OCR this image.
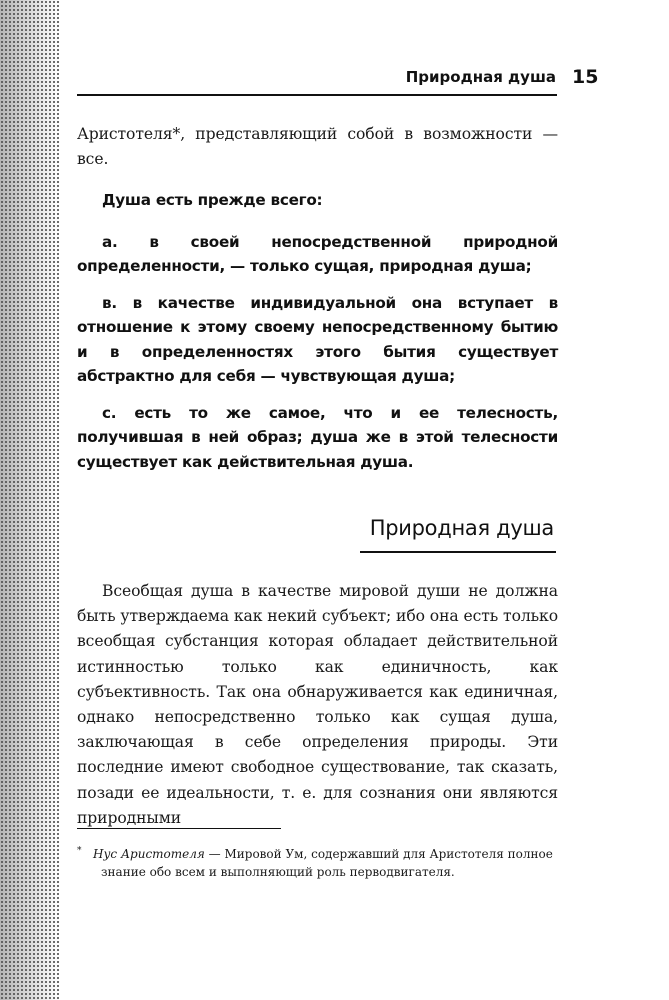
Природная душа 15

Аристотеля*, представляющий собой в возможности — все.

Душа есть прежде всего:

а. в своей непосредственной природной определенности, — только сущая, природная душа;

в. в качестве индивидуальной она вступает в отношение к этому своему непосредственному бытию и в определенностях этого бытия существует абстрактно для себя — чувствующая душа;

с. есть то же самое, что и ее телесность, получившая в ней образ; душа же в этой телесности существует как действительная душа.

Природная душа

Всеобщая душа в качестве мировой души не должна быть утверждаема как некий субъект; ибо она есть только всеобщая субстанция которая обладает действительной истинностью только как единичность, как субъективность. Так она обнаруживается как единичная, однако непосредственно только как сущая душа, заключающая в себе определения природы. Эти последние имеют свободное существование, так сказать, позади ее идеальности, т. е. для сознания они являются природными

* Нус Аристотеля — Мировой Ум, содержавший для Аристотеля полное знание обо всем и выполняющий роль перводвигателя.
